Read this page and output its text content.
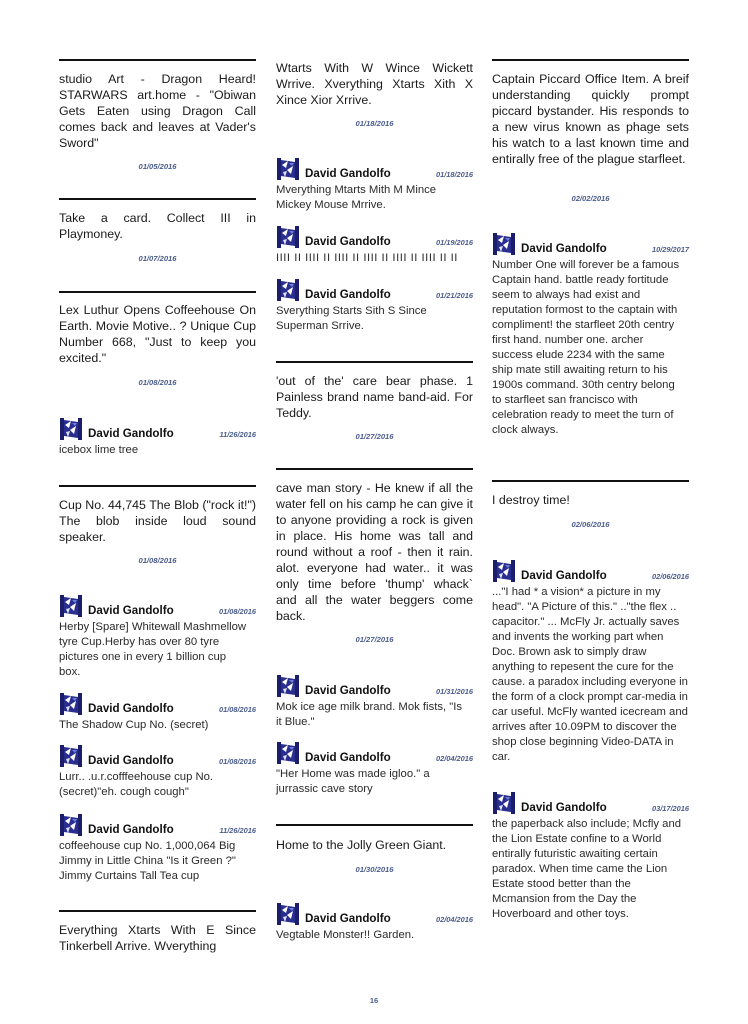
studio Art - Dragon Heard! STARWARS art.home - "Obiwan Gets Eaten using Dragon Call comes back and leaves at Vader's Sword"
01/05/2016
Take a card. Collect III in Playmoney.
01/07/2016
Lex Luthur Opens Coffeehouse On Earth. Movie Motive.. ? Unique Cup Number 668, "Just to keep you excited."
01/08/2016
David Gandolfo	11/26/2016
icebox lime tree
Cup No. 44,745 The Blob ("rock it!") The blob inside loud sound speaker.
01/08/2016
David Gandolfo	01/08/2016
Herby [Spare] Whitewall Mashmellow tyre Cup.Herby has over 80 tyre pictures one in every 1 billion cup box.
David Gandolfo	01/08/2016
The Shadow Cup No. (secret)
David Gandolfo	01/08/2016
Lurr.. .u.r.cofffeehouse cup No. (secret)"eh. cough cough"
David Gandolfo	11/26/2016
coffeehouse cup No. 1,000,064 Big Jimmy in Little China "Is it Green ?" Jimmy Curtains Tall Tea cup
Everything Xtarts With E Since Tinkerbell Arrive. Wverything
Wtarts With W Wince Wickett Wrrive. Xverything Xtarts Xith X Xince Xior Xrrive.
01/18/2016
David Gandolfo	01/18/2016
Mverything Mtarts Mith M Mince Mickey Mouse Mrrive.
David Gandolfo	01/19/2016
IIII II IIII II IIII II IIII II IIII II IIII II II
David Gandolfo	01/21/2016
Sverything Starts Sith S Since Superman Srrive.
'out of the' care bear phase. 1 Painless brand name band-aid. For Teddy.
01/27/2016
cave man story - He knew if all the water fell on his camp he can give it to anyone providing a rock is given in place. His home was tall and round without a roof - then it rain. alot. everyone had water.. it was only time before 'thump' whack` and all the water beggers come back.
01/27/2016
David Gandolfo	01/31/2016
Mok ice age milk brand. Mok fists, "Is it Blue."
David Gandolfo	02/04/2016
"Her Home was made igloo." a jurrassic cave story
Home to the Jolly Green Giant.
01/30/2016
David Gandolfo	02/04/2016
Vegtable Monster!! Garden.
Captain Piccard Office Item. A breif understanding quickly prompt piccard bystander. His responds to a new virus known as phage sets his watch to a last known time and entirally free of the plague starfleet.
02/02/2016
David Gandolfo	10/29/2017
Number One will forever be a famous Captain hand. battle ready fortitude seem to always had exist and reputation formost to the captain with compliment! the starfleet 20th centry first hand. number one. archer success elude 2234 with the same ship mate still awaiting return to his 1900s command. 30th centry belong to starfleet san francisco with celebration ready to meet the turn of clock always.
I destroy time!
02/06/2016
David Gandolfo	02/06/2016
..."I had * a vision* a picture in my head". "A Picture of this." .."the flex .. capacitor." ... McFly Jr. actually saves and invents the working part when Doc. Brown ask to simply draw anything to repesent the cure for the cause. a paradox including everyone in the form of a clock prompt car-media in car useful. McFly wanted icecream and arrives after 10.09PM to discover the shop close beginning Video-DATA in car.
David Gandolfo	03/17/2016
the paperback also include; Mcfly and the Lion Estate confine to a World entirally futuristic awaiting certain paradox. When time came the Lion Estate stood better than the Mcmansion from the Day the Hoverboard and other toys.
16
